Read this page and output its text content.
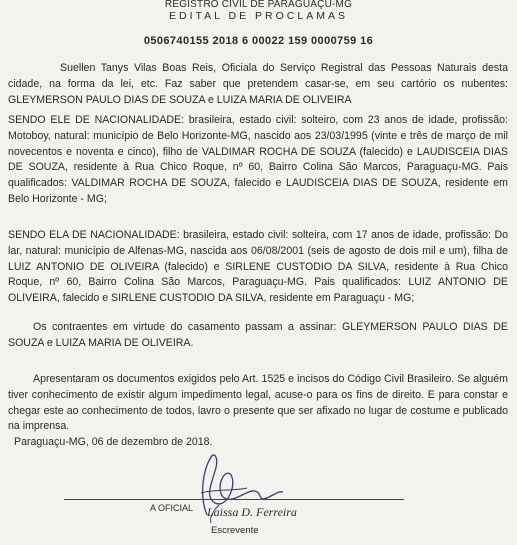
REGISTRO CIVIL DE PARAGUAÇU-MG
EDITAL DE PROCLAMAS
0506740155 2018 6 00022 159 0000759 16
Suellen Tanys Vilas Boas Reis, Oficiala do Serviço Registral das Pessoas Naturais desta cidade, na forma da lei, etc. Faz saber que pretendem casar-se, em seu cartório os nubentes: GLEYMERSON PAULO DIAS DE SOUZA e LUIZA MARIA DE OLIVEIRA
SENDO ELE DE NACIONALIDADE: brasileira, estado civil: solteiro, com 23 anos de idade, profissão: Motoboy, natural: município de Belo Horizonte-MG, nascido aos 23/03/1995 (vinte e três de março de mil novecentos e noventa e cinco), filho de VALDIMAR ROCHA DE SOUZA (falecido) e LAUDISCEIA DIAS DE SOUZA, residente à Rua Chico Roque, nº 60, Bairro Colina São Marcos, Paraguaçu-MG. Pais qualificados: VALDIMAR ROCHA DE SOUZA, falecido e LAUDISCEIA DIAS DE SOUZA, residente em Belo Horizonte - MG;
SENDO ELA DE NACIONALIDADE: brasileira, estado civil: solteira, com 17 anos de idade, profissão: Do lar, natural: município de Alfenas-MG, nascida aos 06/08/2001 (seis de agosto de dois mil e um), filha de LUIZ ANTONIO DE OLIVEIRA (falecido) e SIRLENE CUSTODIO DA SILVA, residente à Rua Chico Roque, nº 60, Bairro Colina São Marcos, Paraguaçu-MG. Pais qualificados: LUIZ ANTONIO DE OLIVEIRA, falecido e SIRLENE CUSTODIO DA SILVA, residente em Paraguaçu - MG;
Os contraentes em virtude do casamento passam a assinar: GLEYMERSON PAULO DIAS DE SOUZA e LUIZA MARIA DE OLIVEIRA.
Apresentaram os documentos exigidos pelo Art. 1525 e incisos do Código Civil Brasileiro. Se alguém tiver conhecimento de existir algum impedimento legal, acuse-o para os fins de direito. E para constar e chegar este ao conhecimento de todos, lavro o presente que ser afixado no lugar de costume e publicado na imprensa.
Paraguaçu-MG, 06 de dezembro de 2018.
A OFICIAL Laissa D. Ferreira
Escrevente
